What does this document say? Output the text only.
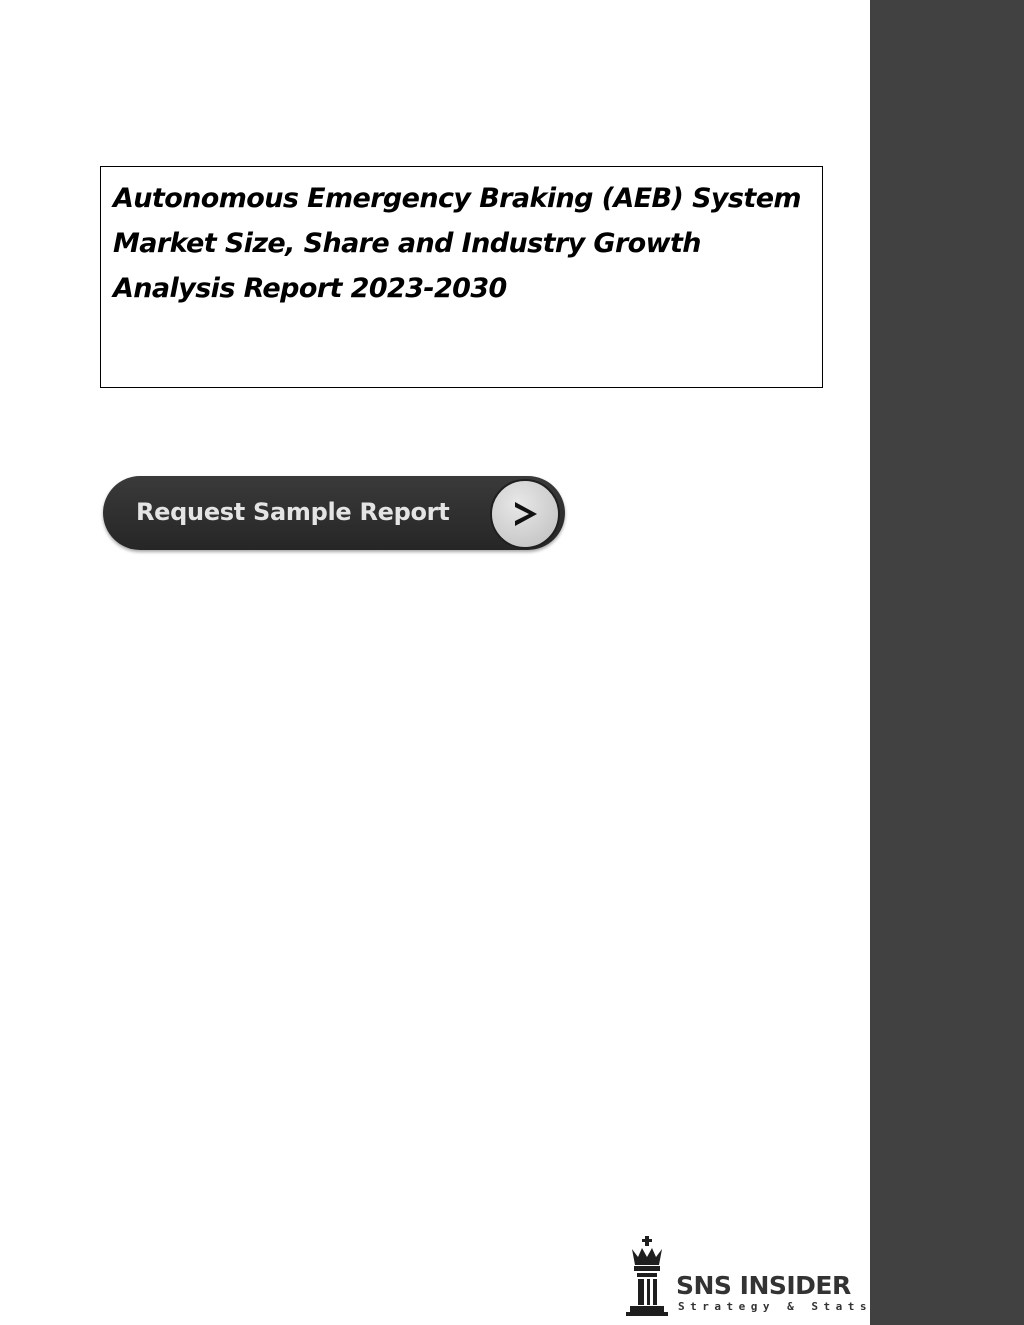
Autonomous Emergency Braking (AEB) System Market Size, Share and Industry Growth Analysis Report 2023-2030

Request Sample Report
SNS INSIDER
Strategy & Stats
